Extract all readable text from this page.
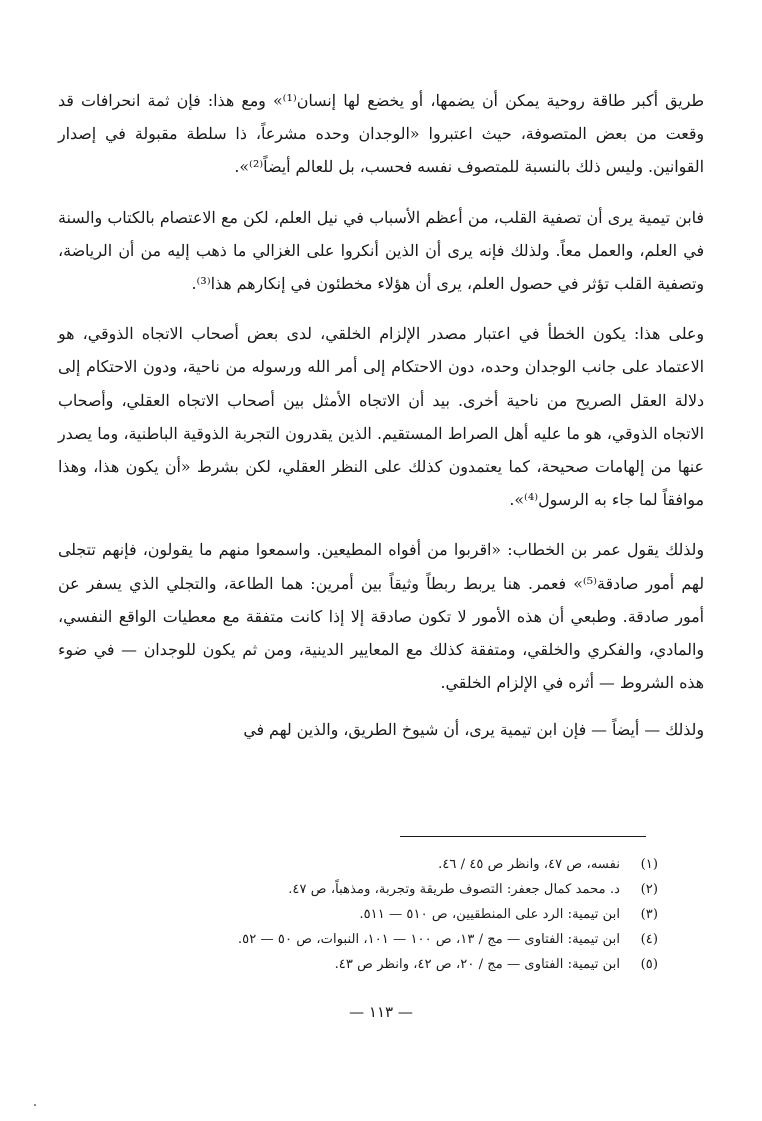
طريق أكبر طاقة روحية يمكن أن يضمها، أو يخضع لها إنسان⁽¹⁾» ومع هذا: فإن ثمة انحرافات قد وقعت من بعض المتصوفة، حيث اعتبروا «الوجدان وحده مشرعاً، ذا سلطة مقبولة في إصدار القوانين. وليس ذلك بالنسبة للمتصوف نفسه فحسب، بل للعالم أيضاً⁽²⁾».

فابن تيمية يرى أن تصفية القلب، من أعظم الأسباب في نيل العلم، لكن مع الاعتصام بالكتاب والسنة في العلم، والعمل معاً. ولذلك فإنه يرى أن الذين أنكروا على الغزالي ما ذهب إليه من أن الرياضة، وتصفية القلب تؤثر في حصول العلم، يرى أن هؤلاء مخطئون في إنكارهم هذا⁽³⁾.

وعلى هذا: يكون الخطأ في اعتبار مصدر الإلزام الخلقي، لدى بعض أصحاب الاتجاه الذوقي، هو الاعتماد على جانب الوجدان وحده، دون الاحتكام إلى أمر الله ورسوله من ناحية، ودون الاحتكام إلى دلالة العقل الصريح من ناحية أخرى. بيد أن الاتجاه الأمثل بين أصحاب الاتجاه العقلي، وأصحاب الاتجاه الذوقي، هو ما عليه أهل الصراط المستقيم. الذين يقدرون التجربة الذوقية الباطنية، وما يصدر عنها من إلهامات صحيحة، كما يعتمدون كذلك على النظر العقلي، لكن بشرط «أن يكون هذا، وهذا موافقاً لما جاء به الرسول⁽⁴⁾».

ولذلك يقول عمر بن الخطاب: «اقربوا من أفواه المطيعين. واسمعوا منهم ما يقولون، فإنهم تتجلى لهم أمور صادقة⁽⁵⁾» فعمر. هنا يربط ربطاً وثيقاً بين أمرين: هما الطاعة، والتجلي الذي يسفر عن أمور صادقة. وطبعي أن هذه الأمور لا تكون صادقة إلا إذا كانت متفقة مع معطيات الواقع النفسي، والمادي، والفكري والخلقي، ومتفقة كذلك مع المعايير الدينية، ومن ثم يكون للوجدان — في ضوء هذه الشروط — أثره في الإلزام الخلقي.

ولذلك — أيضاً — فإن ابن تيمية يرى، أن شيوخ الطريق، والذين لهم في

(١)
نفسه، ص ٤٧، وانظر ص ٤٥ / ٤٦.
(٢)
د. محمد كمال جعفر: التصوف طريقة وتجربة، ومذهباً، ص ٤٧.
(٣)
ابن تيمية: الرد على المنطقيين، ص ٥١٠ — ٥١١.
(٤)
ابن تيمية: الفتاوى — مج / ١٣، ص ١٠٠ — ١٠١، النبوات، ص ٥٠ — ٥٢.
(٥)
ابن تيمية: الفتاوى — مج / ٢٠، ص ٤٢، وانظر ص ٤٣.
— ١١٣ —
